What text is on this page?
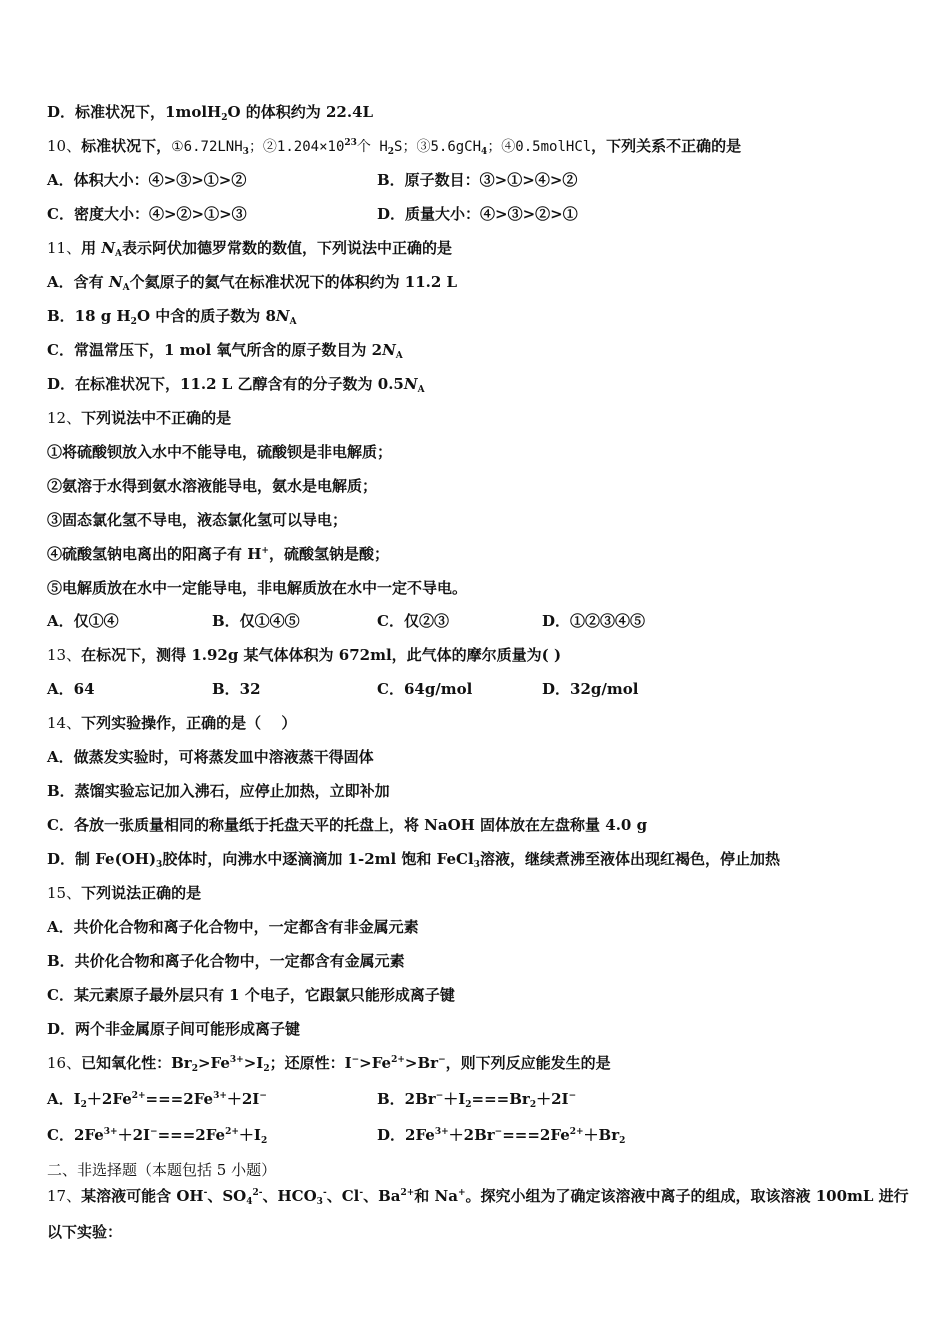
D．标准状况下，1molH$_2$O 的体积约为 22.4L
10、标准状况下，$①6.72LNH_3$；$②1.204\times 10^{23}$个 $H_2S$；③5.6gCH$_4$；④0.5molHCl，下列关系不正确的是
A．体积大小：④>③>①>②	B．原子数目：③>①>④>②
C．密度大小：④>②>①>③	D．质量大小：④>③>②>①
11、用 $N_A$表示阿伏加德罗常数的数值，下列说法中正确的是
A．含有 $N_A$个氦原子的氦气在标准状况下的体积约为 11.2 L
B．18 g $H_2O$ 中含的质子数为 $8N_A$
C．常温常压下，1 mol 氧气所含的原子数目为 $2N_A$
D．在标准状况下，11.2 L 乙醇含有的分子数为 $0.5N_A$
12、下列说法中不正确的是
①将硫酸钡放入水中不能导电，硫酸钡是非电解质；
②氨溶于水得到氨水溶液能导电，氨水是电解质；
③固态氯化氢不导电，液态氯化氢可以导电；
④硫酸氢钠电离出的阳离子有 H+，硫酸氢钠是酸；
⑤电解质放在水中一定能导电，非电解质放在水中一定不导电。
A．仅①④	B．仅①④⑤	C．仅②③	D．①②③④⑤
13、在标况下，测得 1.92g 某气体体积为 672ml，此气体的摩尔质量为( )
A．64	B．32	C．64g/mol	D．32g/mol
14、下列实验操作，正确的是（　 ）
A．做蒸发实验时，可将蒸发皿中溶液蒸干得固体
B．蒸馏实验忘记加入沸石，应停止加热，立即补加
C．各放一张质量相同的称量纸于托盘天平的托盘上，将 NaOH 固体放在左盘称量 4.0 g
D．制 $Fe(OH)_3$胶体时，向沸水中逐滴滴加 1-2ml 饱和 FeCl$_3$溶液，继续煮沸至液体出现红褐色，停止加热
15、下列说法正确的是
A．共价化合物和离子化合物中，一定都含有非金属元素
B．共价化合物和离子化合物中，一定都含有金属元素
C．某元素原子最外层只有 1 个电子，它跟氯只能形成离子键
D．两个非金属原子间可能形成离子键
16、已知氧化性：$Br_2>Fe^{3+}>I_2$；还原性：$I^->Fe^{2+}>Br^-$，则下列反应能发生的是
A．$I_2+2Fe^{2+}===2Fe^{3+}+2I^-$	B．$2Br^-+I_2===Br_2+2I^-$
C．$2Fe^{3+}+2I^-===2Fe^{2+}+I_2$	D．$2Fe^{3+}+2Br^-===2Fe^{2+}+Br_2$
二、非选择题（本题包括 5 小题）
17、某溶液可能含 OH-、$SO_4^{2-}$、$HCO_3^-$、Cl-、$Ba^{2+}$和 Na+。探究小组为了确定该溶液中离子的组成，取该溶液 100mL 进行
以下实验：
